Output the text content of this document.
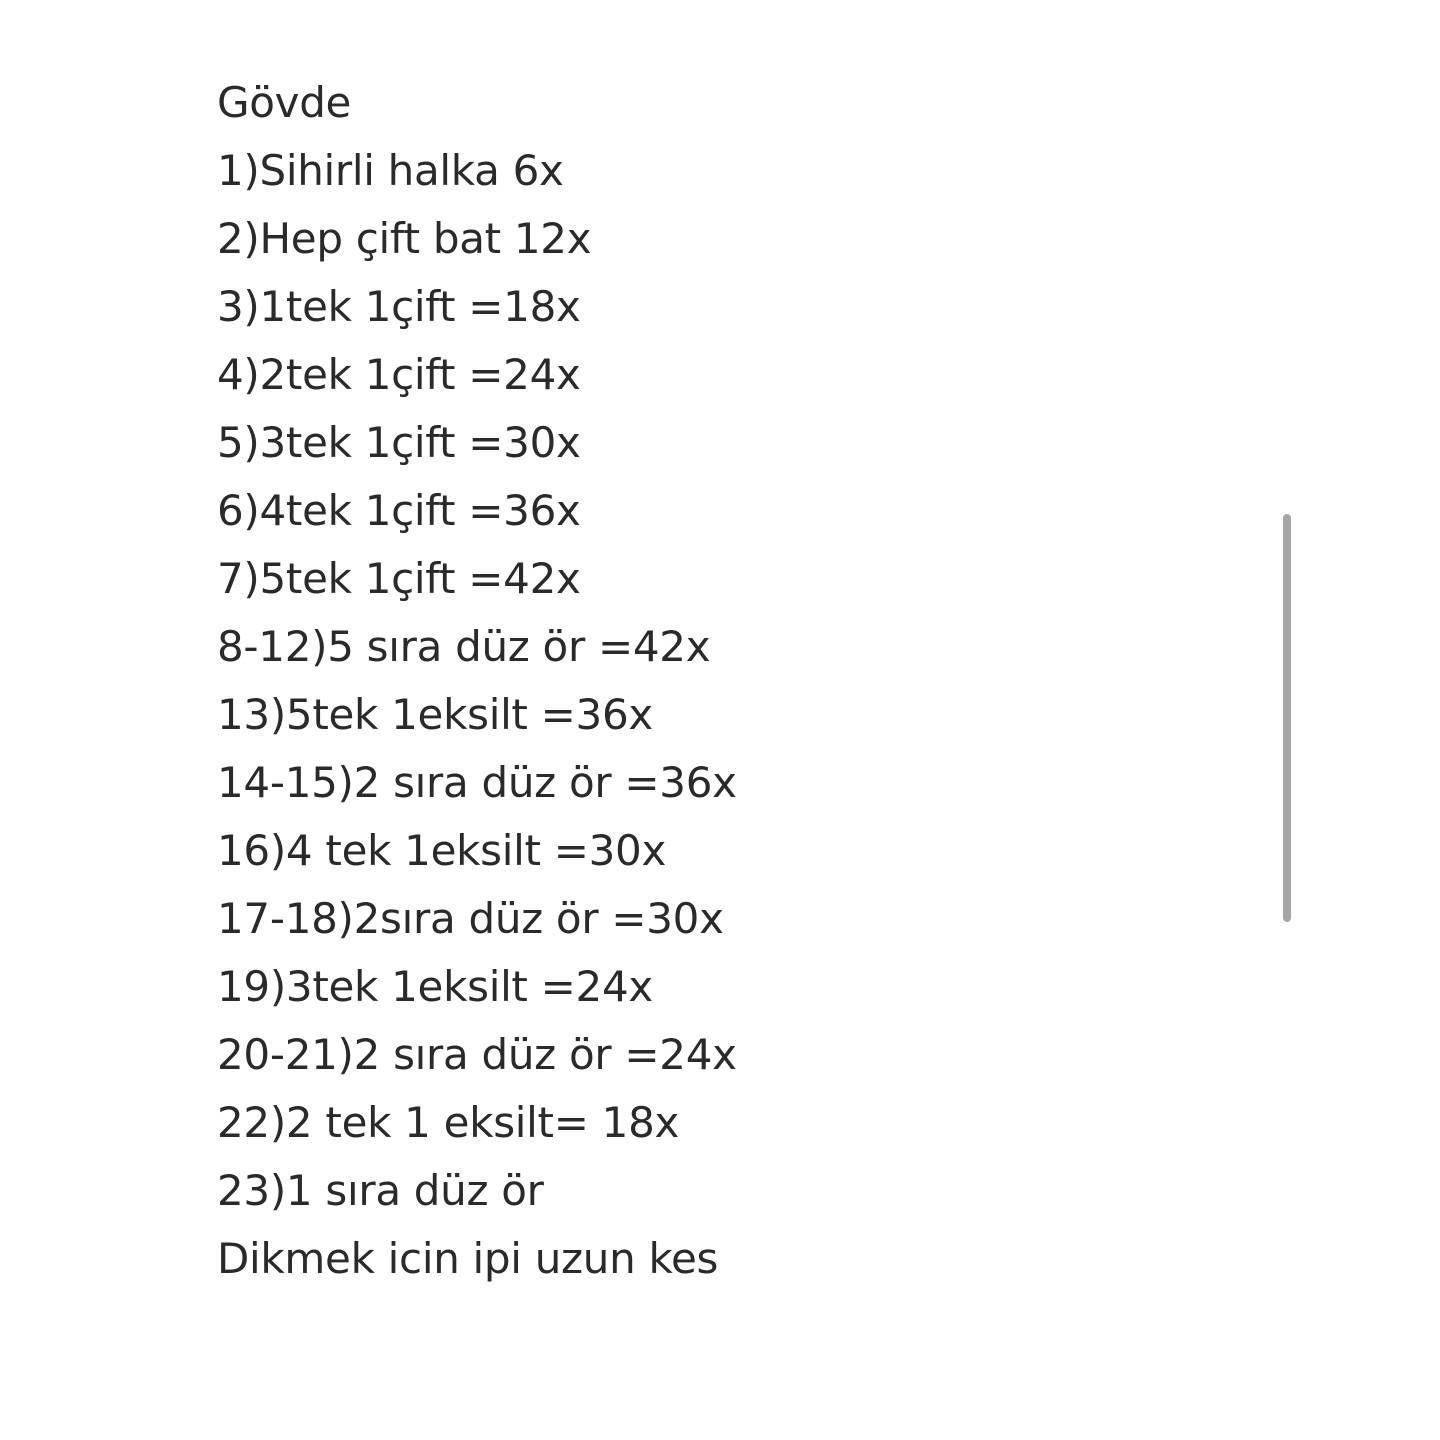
Gövde
1)Sihirli halka 6x
2)Hep çift bat 12x
3)1tek 1çift =18x
4)2tek 1çift =24x
5)3tek 1çift =30x
6)4tek 1çift =36x
7)5tek 1çift =42x
8-12)5 sıra düz ör =42x
13)5tek 1eksilt =36x
14-15)2 sıra düz ör =36x
16)4 tek 1eksilt =30x
17-18)2sıra düz ör =30x
19)3tek 1eksilt =24x
20-21)2 sıra düz ör =24x
22)2 tek 1 eksilt= 18x
23)1 sıra düz ör
Dikmek icin ipi uzun kes
